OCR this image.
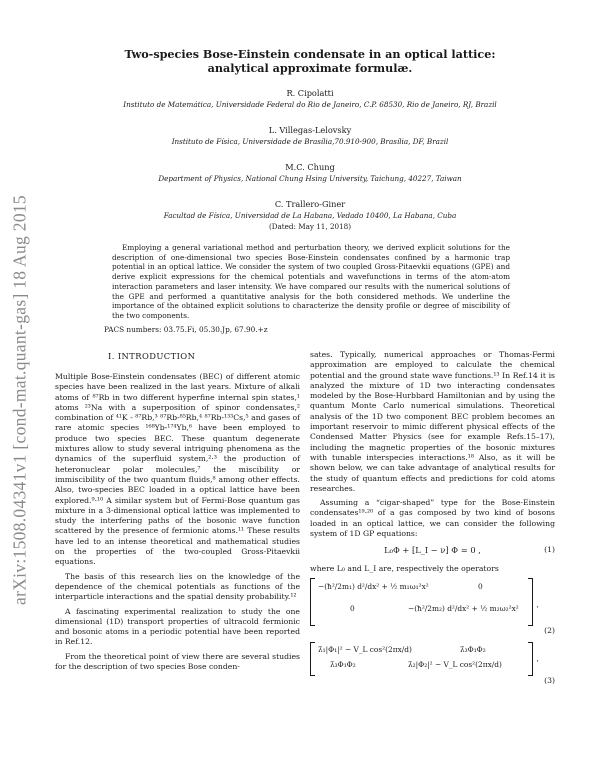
arXiv:1508.04341v1 [cond-mat.quant-gas] 18 Aug 2015
Two-species Bose-Einstein condensate in an optical lattice:
analytical approximate formulæ.
R. Cipolatti
Instituto de Matemática, Universidade Federal do Rio de Janeiro, C.P. 68530, Rio de Janeiro, RJ, Brazil
L. Villegas-Lelovsky
Instituto de Física, Universidade de Brasília,70.910-900, Brasília, DF, Brazil
M.C. Chung
Department of Physics, National Chung Hsing University, Taichung, 40227, Taiwan
C. Trallero-Giner
Facultad de Física, Universidad de La Habana, Vedado 10400, La Habana, Cuba
(Dated: May 11, 2018)

Employing a general variational method and perturbation theory, we derived explicit solutions for the description of one-dimensional two species Bose-Einstein condensates confined by a harmonic trap potential in an optical lattice. We consider the system of two coupled Gross-Pitaevkii equations (GPE) and derive explicit expressions for the chemical potentials and wavefunctions in terms of the atom-atom interaction parameters and laser intensity. We have compared our results with the numerical solutions of the GPE and performed a quantitative analysis for the both considered methods. We underline the importance of the obtained explicit solutions to characterize the density profile or degree of miscibility of the two components.

PACS numbers: 03.75.Fi, 05.30.Jp, 67.90.+z
I. INTRODUCTION

Multiple Bose-Einstein condensates (BEC) of different atomic species have been realized in the last years. Mixture of alkali atoms of ⁸⁷Rb in two different hyperfine internal spin states,¹ atoms ²³Na with a superposition of spinor condensates,² combination of ⁴¹K - ⁸⁷Rb,³ ⁸⁷Rb-⁸⁵Rb,⁴ ⁸⁷Rb-¹³³Cs,⁵ and gases of rare atomic species ¹⁶⁸Yb-¹⁷⁴Yb,⁶ have been employed to produce two species BEC. These quantum degenerate mixtures allow to study several intriguing phenomena as the dynamics of the superfluid system,²·³ the production of heteronuclear polar molecules,⁷ the miscibility or immiscibility of the two quantum fluids,⁸ among other effects. Also, two-species BEC loaded in a optical lattice have been explored.⁹·¹⁰ A similar system but of Fermi-Bose quantum gas mixture in a 3-dimensional optical lattice was implemented to study the interfering paths of the bosonic wave function scattered by the presence of fermionic atoms.¹¹ These results have led to an intense theoretical and mathematical studies on the properties of the two-coupled Gross-Pitaevkii equations.

The basis of this research lies on the knowledge of the dependence of the chemical potentials as functions of the interparticle interactions and the spatial density probability.¹²

A fascinating experimental realization to study the one dimensional (1D) transport properties of ultracold fermionic and bosonic atoms in a periodic potential have been reported in Ref.12.

From the theoretical point of view there are several studies for the description of two species Bose conden-

sates. Typically, numerical approaches or Thomas-Fermi approximation are employed to calculate the chemical potential and the ground state wave functions.¹³ In Ref.14 it is analyzed the mixture of 1D two interacting condensates modeled by the Bose-Hurbbard Hamiltonian and by using the quantum Monte Carlo numerical simulations. Theoretical analysis of the 1D two component BEC problem becomes an important reservoir to mimic different physical effects of the Condensed Matter Physics (see for example Refs.15–17), including the magnetic properties of the bosonic mixtures with tunable interspecies interactions.¹⁸ Also, as it will be shown below, we can take advantage of analytical results for the study of quantum effects and predictions for cold atoms researches.

Assuming a “cigar-shaped” type for the Bose-Einstein condensates¹⁹·²⁰ of a gas composed by two kind of bosons loaded in an optical lattice, we can consider the following system of 1D GP equations:

L₀Φ + [L_I − ν] Φ = 0 ,	(1)

where L₀ and L_I are, respectively the operators

−(ħ²/2m₁) d²/dx² + ½ m₁ω₁²x²	0
0	−(ħ²/2m₂) d²/dx² + ½ m₂ω₂²x² ,
(2)
λ̄₁|Φ₁|² − V_L cos²(2πx/d)	λ̄₃Φ₁Φ₂
λ̄₃Φ₁Φ₂	λ̄₂|Φ₂|² − V_L cos²(2πx/d)
,
(3)
